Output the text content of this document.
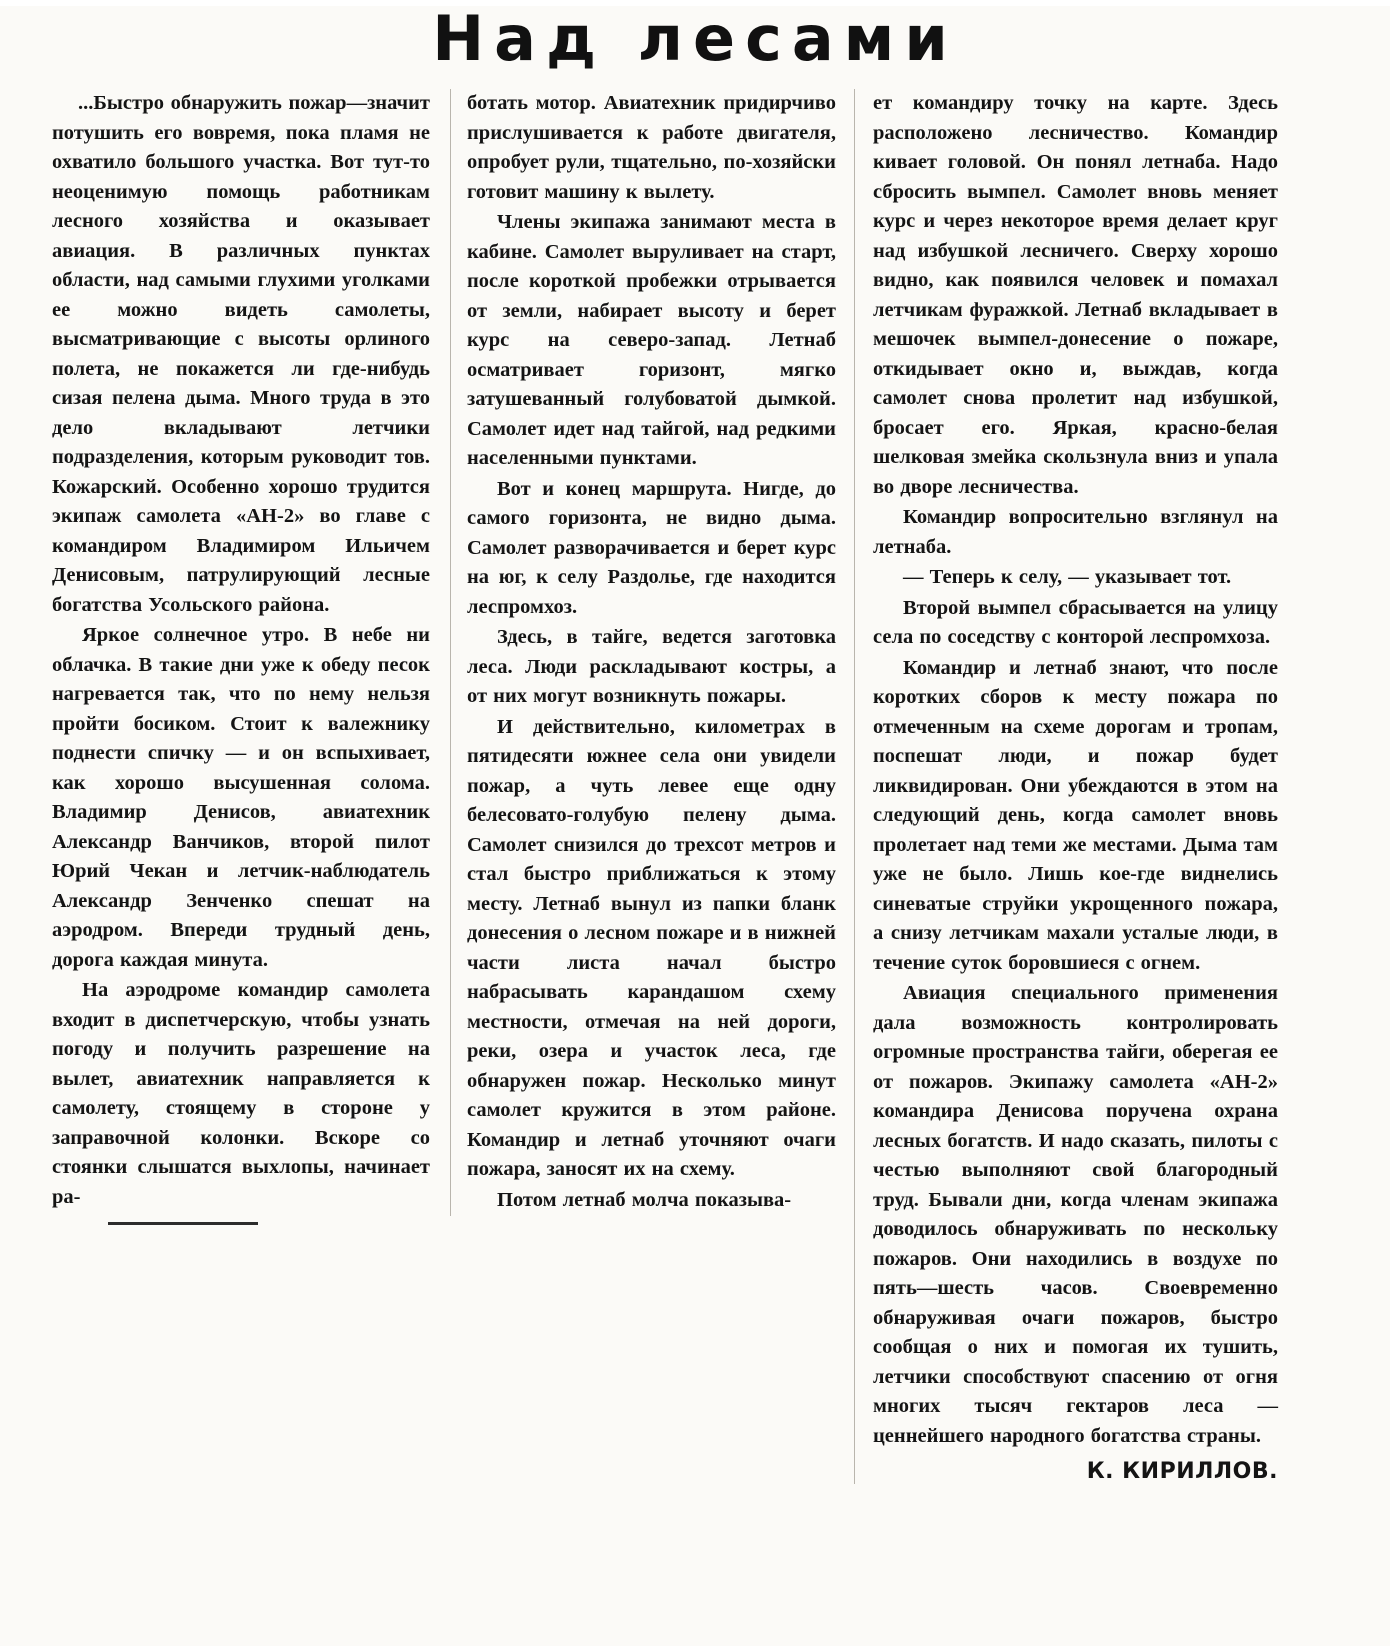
Над лесами

...Быстро обнаружить пожар—значит потушить его вовремя, пока пламя не охватило большого участка. Вот тут-то неоценимую помощь работникам лесного хозяйства и оказывает авиация. В различных пунктах области, над самыми глухими уголками ее можно видеть самолеты, высматривающие с высоты орлиного полета, не покажется ли где-нибудь сизая пелена дыма. Много труда в это дело вкладывают летчики подразделения, которым руководит тов. Кожарский. Особенно хорошо трудится экипаж самолета «АН-2» во главе с командиром Владимиром Ильичем Денисовым, патрулирующий лесные богатства Усольского района.

Яркое солнечное утро. В небе ни облачка. В такие дни уже к обеду песок нагревается так, что по нему нельзя пройти босиком. Стоит к валежнику поднести спичку — и он вспыхивает, как хорошо высушенная солома. Владимир Денисов, авиатехник Александр Ванчиков, второй пилот Юрий Чекан и летчик-наблюдатель Александр Зенченко спешат на аэродром. Впереди трудный день, дорога каждая минута.

На аэродроме командир самолета входит в диспетчерскую, чтобы узнать погоду и получить разрешение на вылет, авиатехник направляется к самолету, стоящему в стороне у заправочной колонки. Вскоре со стоянки слышатся выхлопы, начинает ра-

ботать мотор. Авиатехник придирчиво прислушивается к работе двигателя, опробует рули, тщательно, по-хозяйски готовит машину к вылету.

Члены экипажа занимают места в кабине. Самолет выруливает на старт, после короткой пробежки отрывается от земли, набирает высоту и берет курс на северо-запад. Летнаб осматривает горизонт, мягко затушеванный голубоватой дымкой. Самолет идет над тайгой, над редкими населенными пунктами.

Вот и конец маршрута. Нигде, до самого горизонта, не видно дыма. Самолет разворачивается и берет курс на юг, к селу Раздолье, где находится леспромхоз.

Здесь, в тайге, ведется заготовка леса. Люди раскладывают костры, а от них могут возникнуть пожары.

И действительно, километрах в пятидесяти южнее села они увидели пожар, а чуть левее еще одну белесовато-голубую пелену дыма. Самолет снизился до трехсот метров и стал быстро приближаться к этому месту. Летнаб вынул из папки бланк донесения о лесном пожаре и в нижней части листа начал быстро набрасывать карандашом схему местности, отмечая на ней дороги, реки, озера и участок леса, где обнаружен пожар. Несколько минут самолет кружится в этом районе. Командир и летнаб уточняют очаги пожара, заносят их на схему.

Потом летнаб молча показыва-

ет командиру точку на карте. Здесь расположено лесничество. Командир кивает головой. Он понял летнаба. Надо сбросить вымпел. Самолет вновь меняет курс и через некоторое время делает круг над избушкой лесничего. Сверху хорошо видно, как появился человек и помахал летчикам фуражкой. Летнаб вкладывает в мешочек вымпел-донесение о пожаре, откидывает окно и, выждав, когда самолет снова пролетит над избушкой, бросает его. Яркая, красно-белая шелковая змейка скользнула вниз и упала во дворе лесничества.

Командир вопросительно взглянул на летнаба.

— Теперь к селу, — указывает тот.

Второй вымпел сбрасывается на улицу села по соседству с конторой леспромхоза.

Командир и летнаб знают, что после коротких сборов к месту пожара по отмеченным на схеме дорогам и тропам, поспешат люди, и пожар будет ликвидирован. Они убеждаются в этом на следующий день, когда самолет вновь пролетает над теми же местами. Дыма там уже не было. Лишь кое-где виднелись синеватые струйки укрощенного пожара, а снизу летчикам махали усталые люди, в течение суток боровшиеся с огнем.

Авиация специального применения дала возможность контролировать огромные пространства тайги, оберегая ее от пожаров. Экипажу самолета «АН-2» командира Денисова поручена охрана лесных богатств. И надо сказать, пилоты с честью выполняют свой благородный труд. Бывали дни, когда членам экипажа доводилось обнаруживать по нескольку пожаров. Они находились в воздухе по пять—шесть часов. Своевременно обнаруживая очаги пожаров, быстро сообщая о них и помогая их тушить, летчики способствуют спасению от огня многих тысяч гектаров леса — ценнейшего народного богатства страны.

К. КИРИЛЛОВ.
